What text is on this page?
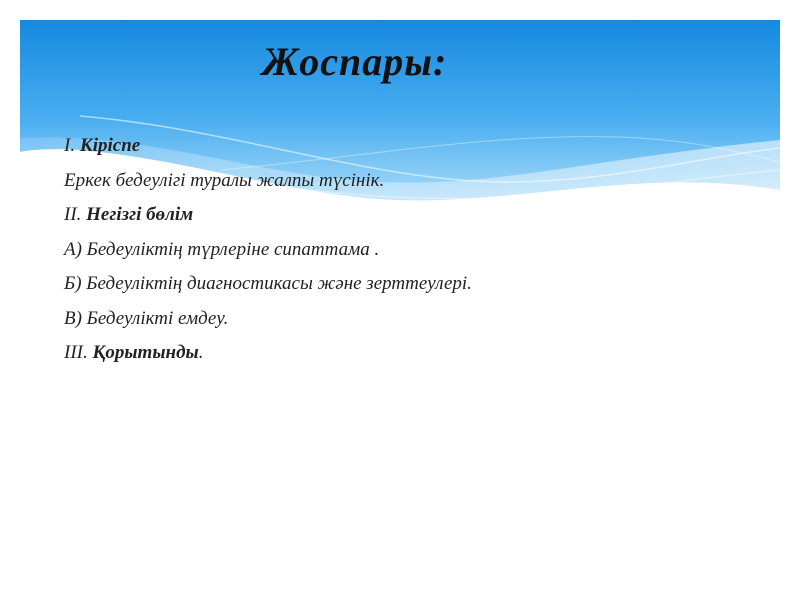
Жоспары:
I. Кіріспе
Еркек бедеулігі туралы жалпы түсінік.
II. Негізгі бөлім
А) Бедеуліктің түрлеріне сипаттама .
Б) Бедеуліктің диагностикасы және зерттеулері.
В) Бедеулікті емдеу.
III. Қорытынды.
